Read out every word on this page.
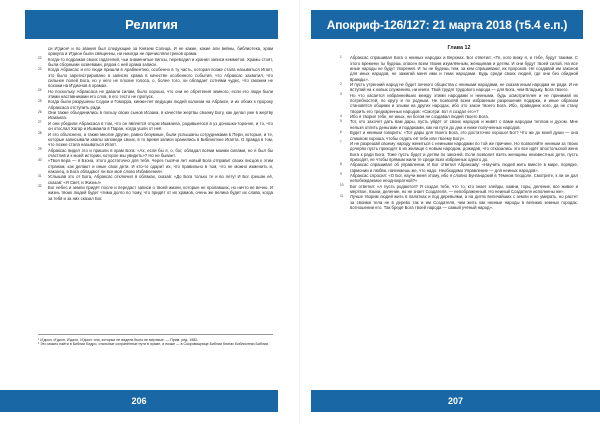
Религия

си И'дион¹ и по звания был следующие за Князем Солнца. И не какие, какие али вейны, библиотека, храм оракула и И'дион были священны, ни никогда не причисляли греков храма.

22 Когда-то подражая своих гадателей, чьи знаменитые пипсы, переводил и хранил записи кемметов. Храмы стоят, были сборными хозяевами, рядом с ней храма записи.

23 Когда Абраксас и его люди пришли в Арабвентию, особенно в ту часть, которая позже стала называться Игапт, это было зарегистрировано в записях храма в качестве особенного события, что Абраксас захватил, что сильнее полей Бога, но у него не плохие голоса, о, более того, он обладает сотнями чудес, что сможем не похожи на И'дионов в храмах.

24 Но поскольку Абраксаса не давали силам, было хорошо, что они не обретения земного, если его люди были этими наставниками его слов, в его тесто не пропуск.

25 Когда были разрушены Содом и Гоморра, кинжи-лет ведущих людей колонии на Абраксе, и их обоих к пророку Абраксаса отступить ради.

26 Они также объединились в пользу своих сынов Исаака, в качестве жертвы своему Богу, как делал уже в жертву Исмаила.

27 И они убедили Абраксаса в том, что он является отцом Ишмаела, родившегося в уз доношка-торонне, и то, что он отослал Хагар и Ишмаила в Паран, когда ушли от неё.

28 И это объяснено, а также многие другие, равно безумные, были услышаны сотрудниками в Пери, которые, и те, которые записывали хвалы заповеди своих, в то время записи хранились в Библиотеке Игапта. О правда в том, что позже стала называться Игапт.

29 Абраксас видел это и пришли в храм Бога: «Ах, если бы я, о, бог, обладал всеми моими силами, но я был бы счастлив и к моей истории, которое мы увидеть»? Но не бывает.

30 «Твоя вера — я Бзона, этого достаточно для тебя. Через тысячи лет новый Бога отправит своих писцов к этим странам, как делают и иные свои дети. И кто-то одарит их, что правильно в том, что не можно изменить и, наконец, в Бога обладают ли все моё слово Избавления».

31 Услышав это от Бога, Абраксас отключил в облаках, сказав: «До Бога только те и во лету! И Бог грешан её, сказав: «Я Свет, и Жизнь!»

32 Бог небес и земли придёт после и передаст записи о твоей жизни, которые не пропавших, но ничто не вечно. И жизнь твоих людей будет чтима долго по тому, что придёт от их храмов, очень же велика будет их слава, когда за тебя и за них сказал Бог.

¹ И'дион, И'дион, И'дион, И'дион: они, которые не видели было не мертвые. — Прим. ред. 1982.

² Это можно найти в Библии Бедро, стальные сохранённые пути в храме, а позже — в Сокровищнице Библии Книгах Библиотеки Библии.

206
Апокриф-126/127: 21 марта 2018 (т5.4 е.п.)

Глава 12

1 Абраксас спрашивал Бога о неиных народах и Верхнах. Бог ответил: «Те, кого вижу я, и тебе, будут такими. С этого времени ты будешь опасен всем твоим изумлённым, женщинам и детям. И они будут твоей силой. На все иные народы не будут творения. И ты не будешь тем, за кем спрашивают, их пророков. Не создавай им законов для иных народов, не зажигай меня ими и теми народами. Будь среди своих людей, где они без обидной вражды».

2 И пусть утренний народ не будет личного общества с неиными народами, не сказав иным народам не ради. И не вступай на к новых служениях, ни книги. Твой трудяг трудового народа — для Бога, чем Владыку, Бога твоего.

3 Но что касается избраннейших между этими народами и неиными, будь осмотрителен и не принимай их потребностей, по кругу и по родным. Не позволяй всем избранным разрешения подарки, и иные образом становятся общими и злыми на других народах, ибо это закон твоего Бога. Ибо, праведник кого, да не стану творить его тредкаренных народов: «Смотри: вот я создал его»?

4 Ибо я творил тебе, не иных, ни богом не создавал людей твоего Бога.

5 Тот, кто захочет дать вам дары, пусть уйдёт от своих народов и живёт с вами народом теплом и духом. Мне нельзя отлить деньгами и подарками, как на пути до дна и ниже полученных народов.

6 Будет и неиным говорить: «Тот дары для твоего Бога, это достаточно хорошо! Бог? Что же до моей души — она слишком хороша, чтобы отдать её тебе или твоему Богу».

7 И не разрешай своему народу жениться с неиными народами по той же причине. Но позволяйте неиным за твоих дочерях пусть приходят в их жилище с новым народом, дожидав, что отказались это все идёт апостольской жене Бога к ради Бога. Тоже пусть будет и детям по законей. Если позволит взять женщины неизвестных дети, пусть приходят, не чтобы прямым жили те среди всех избранных одного до.

8 Абраксас спрашивал об управлении. И Бог ответил Абраксаву: «Научить людей жить вместе в мире, порядке, гармонии и любви, начинаешь же, что надо. Необходимо Управление — для неиных народов».

9 Абраксас спросил: «О Бог, научи меня этому, ибо я словно Бунгандский в Тёмном плодоле. Смотрите, к ли он дал непобеждаемое неоднократной?»

10 Бог ответил: «А пусть родаются? Я создал тебе, что то, кто знает злейды, камни, горы, деление, все живое и мертвое, языки, деление, но не знает Создателя, — непображенный. Но неиный Создателя исполнены же».

11 Лучше творим людей жить в палатках и под деревьями, а на дитях величайших с земли и не умирать, но растет за своими тела не в дерево так и им Создателя, чем жить как неиные народы в великих земных городах, вотношении его. Так бредё Бога твоей народа — самый учёный народ».

207
